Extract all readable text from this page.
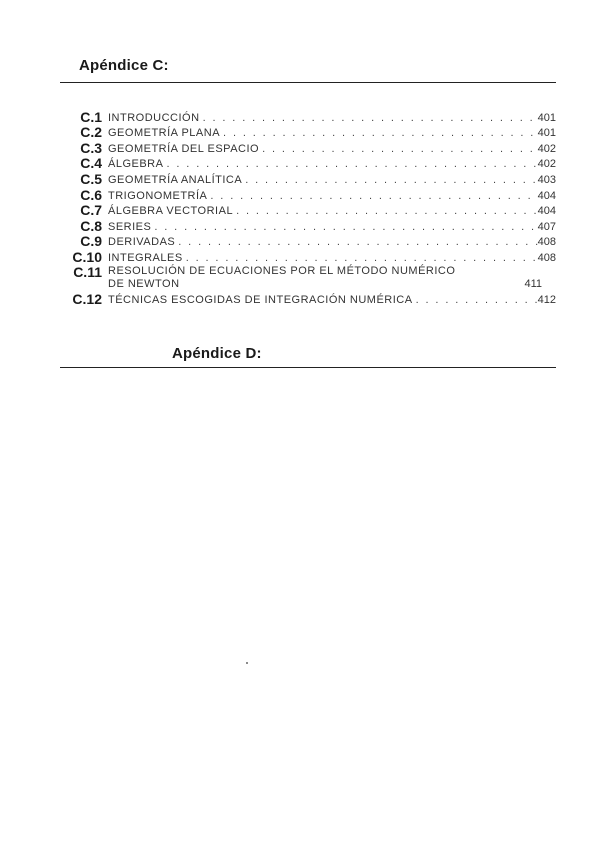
Apéndice C:
C.1 INTRODUCCIÓN . . .	401
C.2 GEOMETRÍA PLANA . . .	401
C.3 GEOMETRÍA DEL ESPACIO . . .	402
C.4 ÁLGEBRA . . .	402
C.5 GEOMETRÍA ANALÍTICA . . .	403
C.6 TRIGONOMETRÍA . . .	404
C.7 ÁLGEBRA VECTORIAL . . .	404
C.8 SERIES . . .	407
C.9 DERIVADAS . . .	408
C.10 INTEGRALES . . .	408
C.11 RESOLUCIÓN DE ECUACIONES POR EL MÉTODO NUMÉRICO
DE NEWTON	411
C.12 TÉCNICAS ESCOGIDAS DE INTEGRACIÓN NUMÉRICA . . .	412
Apéndice D:
